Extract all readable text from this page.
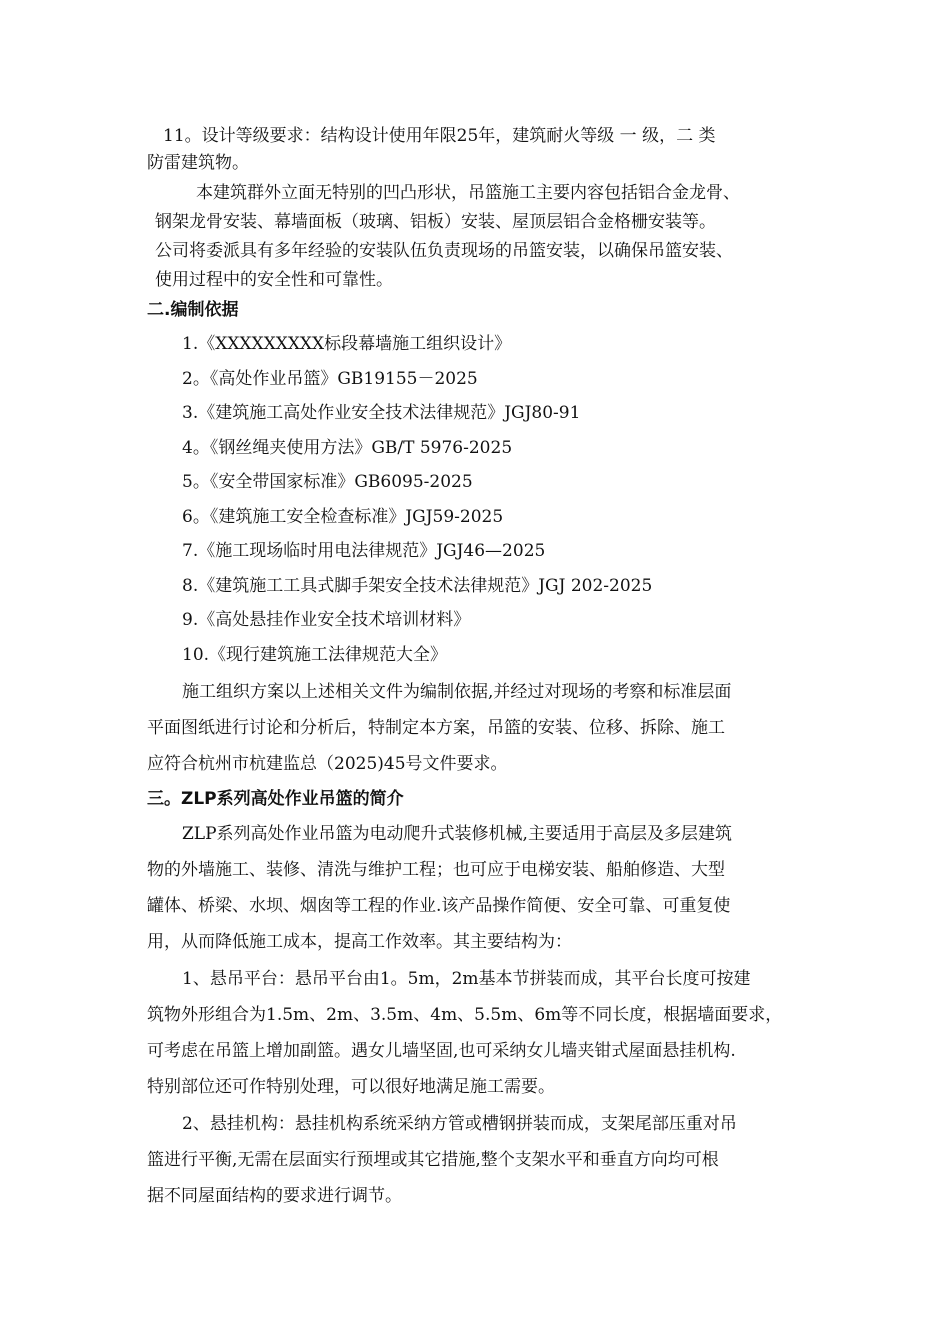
11。设计等级要求：结构设计使用年限25年，建筑耐火等级 一 级，二 类
防雷建筑物。
本建筑群外立面无特别的凹凸形状，吊篮施工主要内容包括铝合金龙骨、
钢架龙骨安装、幕墙面板（玻璃、铝板）安装、屋顶层铝合金格栅安装等。
公司将委派具有多年经验的安装队伍负责现场的吊篮安装，以确保吊篮安装、
使用过程中的安全性和可靠性。
二.编制依据
1.《XXXXXXXXX标段幕墙施工组织设计》
2。《高处作业吊篮》GB19155－2025
3.《建筑施工高处作业安全技术法律规范》JGJ80-91
4。《钢丝绳夹使用方法》GB/T 5976-2025
5。《安全带国家标准》GB6095-2025
6。《建筑施工安全检查标准》JGJ59-2025
7.《施工现场临时用电法律规范》JGJ46—2025
8.《建筑施工工具式脚手架安全技术法律规范》JGJ 202-2025
9.《高处悬挂作业安全技术培训材料》
10.《现行建筑施工法律规范大全》
施工组织方案以上述相关文件为编制依据,并经过对现场的考察和标准层面
平面图纸进行讨论和分析后，特制定本方案，吊篮的安装、位移、拆除、施工
应符合杭州市杭建监总（2025)45号文件要求。
三。ZLP系列高处作业吊篮的简介
ZLP系列高处作业吊篮为电动爬升式装修机械,主要适用于高层及多层建筑
物的外墙施工、装修、清洗与维护工程；也可应于电梯安装、船舶修造、大型
罐体、桥梁、水坝、烟囱等工程的作业.该产品操作简便、安全可靠、可重复使
用，从而降低施工成本，提高工作效率。其主要结构为：
1、悬吊平台：悬吊平台由1。5m，2m基本节拼装而成，其平台长度可按建
筑物外形组合为1.5m、2m、3.5m、4m、5.5m、6m等不同长度，根据墙面要求，
可考虑在吊篮上增加副篮。遇女儿墙坚固,也可采纳女儿墙夹钳式屋面悬挂机构.
特别部位还可作特别处理，可以很好地满足施工需要。
2、悬挂机构：悬挂机构系统采纳方管或槽钢拼装而成，支架尾部压重对吊
篮进行平衡,无需在层面实行预埋或其它措施,整个支架水平和垂直方向均可根
据不同屋面结构的要求进行调节。
